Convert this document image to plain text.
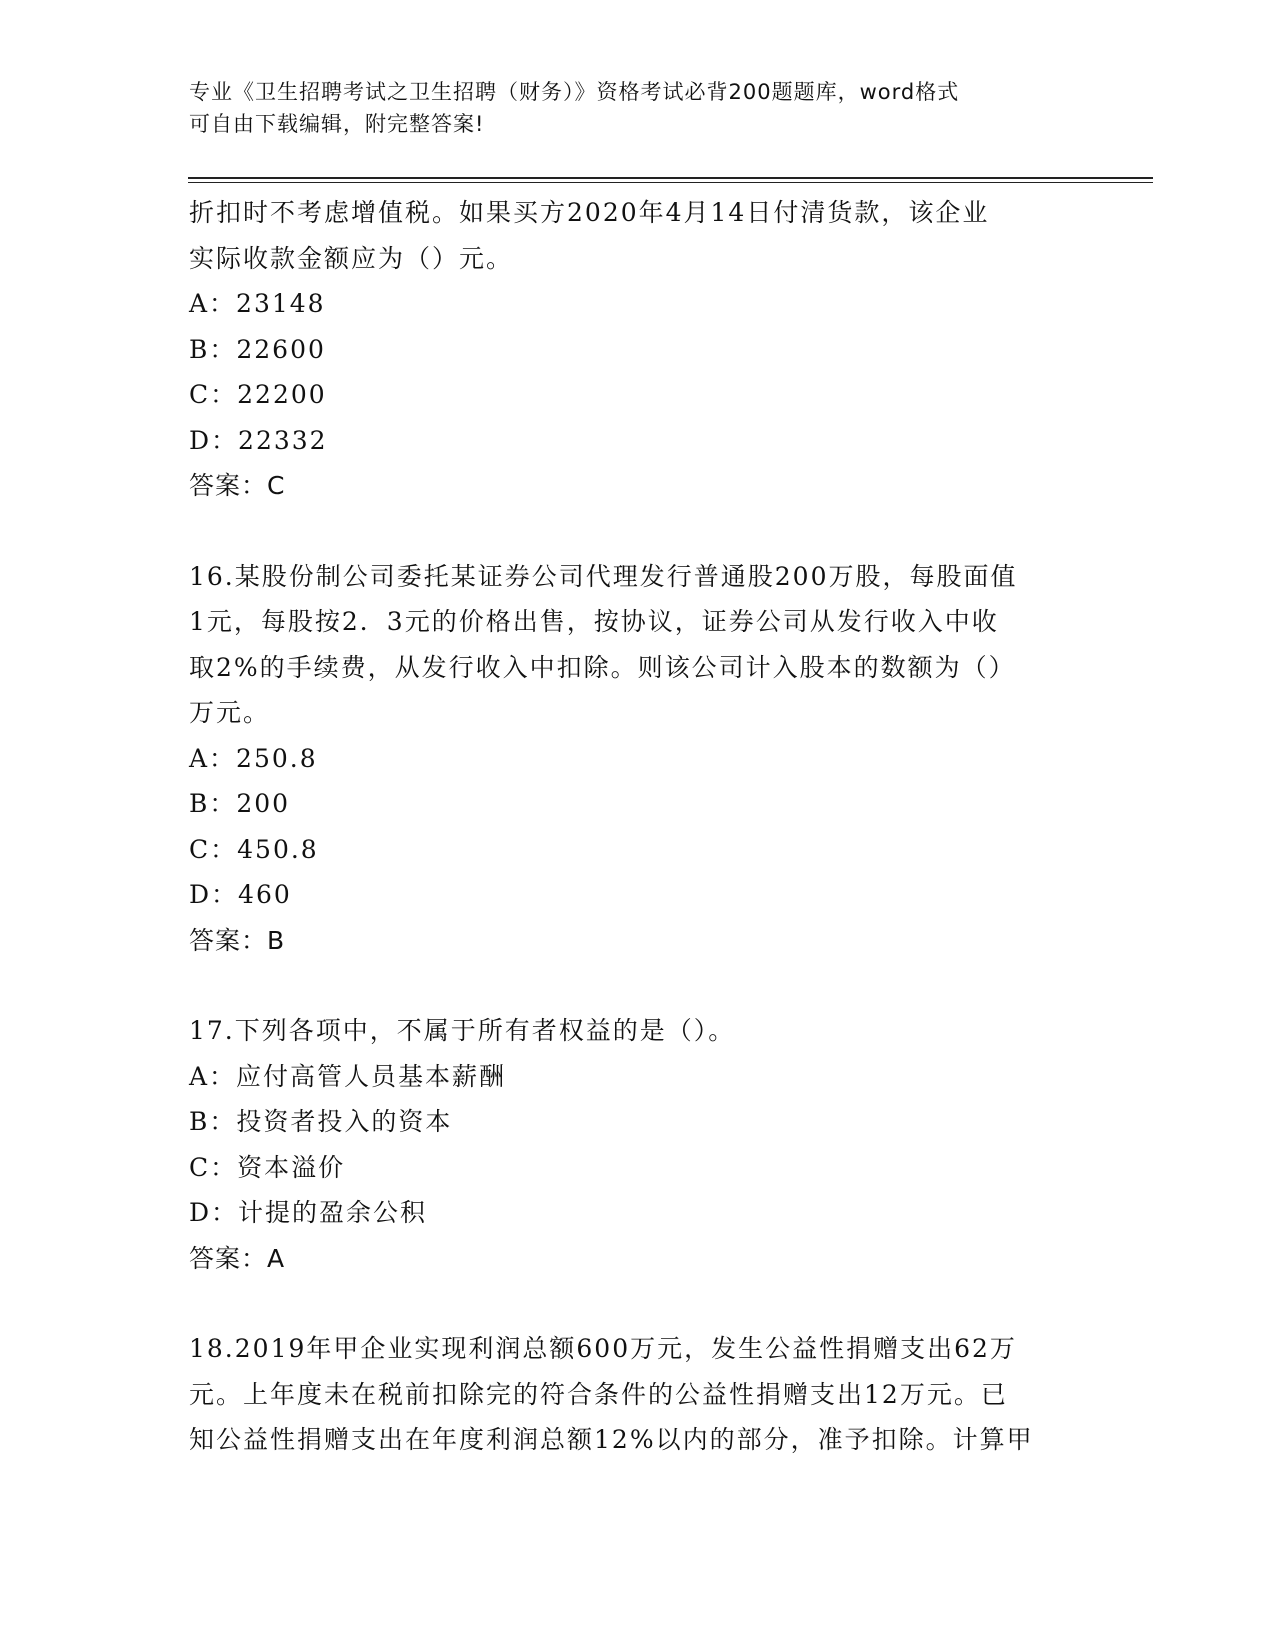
专业《卫生招聘考试之卫生招聘（财务）》资格考试必背200题题库，word格式

可自由下载编辑，附完整答案!

折扣时不考虑增值税。如果买方2020年4月14日付清货款，该企业

实际收款金额应为（）元。

A：23148

B：22600

C：22200

D：22332

答案：C

16.某股份制公司委托某证券公司代理发行普通股200万股，每股面值

1元，每股按2．3元的价格出售，按协议，证券公司从发行收入中收

取2%的手续费，从发行收入中扣除。则该公司计入股本的数额为（）

万元。

A：250.8

B：200

C：450.8

D：460

答案：B

17.下列各项中，不属于所有者权益的是（）。

A：应付高管人员基本薪酬

B：投资者投入的资本

C：资本溢价

D：计提的盈余公积

答案：A

18.2019年甲企业实现利润总额600万元，发生公益性捐赠支出62万

元。上年度未在税前扣除完的符合条件的公益性捐赠支出12万元。已

知公益性捐赠支出在年度利润总额12%以内的部分，准予扣除。计算甲
